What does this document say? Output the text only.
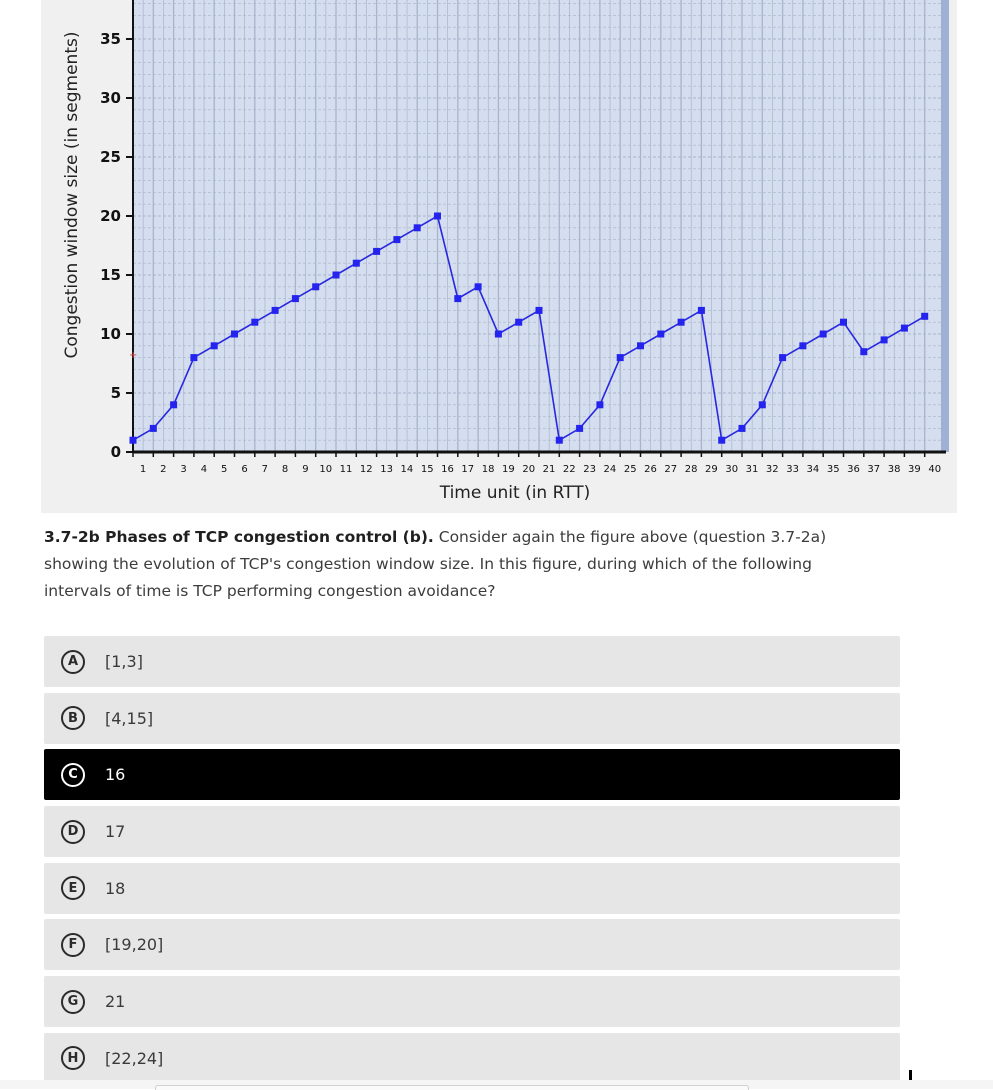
0
5
10
15
20
25
30
35
1 2 3 4 5 6 7 8 9 10 11 12 13 14 15 16 17 18 19 20 21 22 23 24 25 26 27 28 29 30 31 32 33 34 35 36 37 38 39 40
+
Time unit (in RTT)
Congestion window size (in segments)
3.7-2b Phases of TCP congestion control (b). Consider again the figure above (question 3.7-2a) showing the evolution of TCP's congestion window size. In this figure, during which of the following intervals of time is TCP performing congestion avoidance?
A	[1,3]
B	[4,15]
C	16
D	17
E	18
F	[19,20]
G	21
H	[22,24]
